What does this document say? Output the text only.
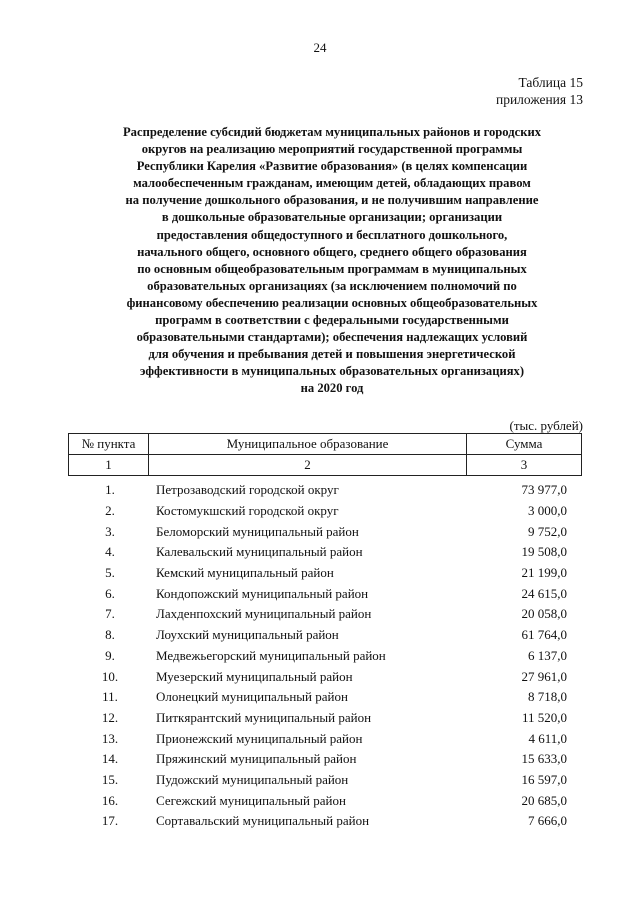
24
Таблица 15
приложения 13
Распределение субсидий бюджетам муниципальных районов и городских
округов на реализацию мероприятий государственной программы
Республики Карелия «Развитие образования» (в целях компенсации
малообеспеченным гражданам, имеющим детей, обладающих правом
на получение дошкольного образования, и не получившим направление
в дошкольные образовательные организации; организации
предоставления общедоступного и бесплатного дошкольного,
начального общего, основного общего, среднего общего образования
по основным общеобразовательным программам в муниципальных
образовательных организациях (за исключением полномочий по
финансовому обеспечению реализации основных общеобразовательных
программ в соответствии с федеральными государственными
образовательными стандартами); обеспечения надлежащих условий
для обучения и пребывания детей и повышения энергетической
эффективности в муниципальных образовательных организациях)
на 2020 год
(тыс. рублей)
№ пункта	Муниципальное образование	Сумма
1	2	3
1.	Петрозаводский городской округ	73 977,0
2.	Костомукшский городской округ	3 000,0
3.	Беломорский муниципальный район	9 752,0
4.	Калевальский муниципальный район	19 508,0
5.	Кемский муниципальный район	21 199,0
6.	Кондопожский муниципальный район	24 615,0
7.	Лахденпохский муниципальный район	20 058,0
8.	Лоухский муниципальный район	61 764,0
9.	Медвежьегорский муниципальный район	6 137,0
10.	Муезерский муниципальный район	27 961,0
11.	Олонецкий муниципальный район	8 718,0
12.	Питкярантский муниципальный район	11 520,0
13.	Прионежский муниципальный район	4 611,0
14.	Пряжинский муниципальный район	15 633,0
15.	Пудожский муниципальный район	16 597,0
16.	Сегежский муниципальный район	20 685,0
17.	Сортавальский муниципальный район	7 666,0
